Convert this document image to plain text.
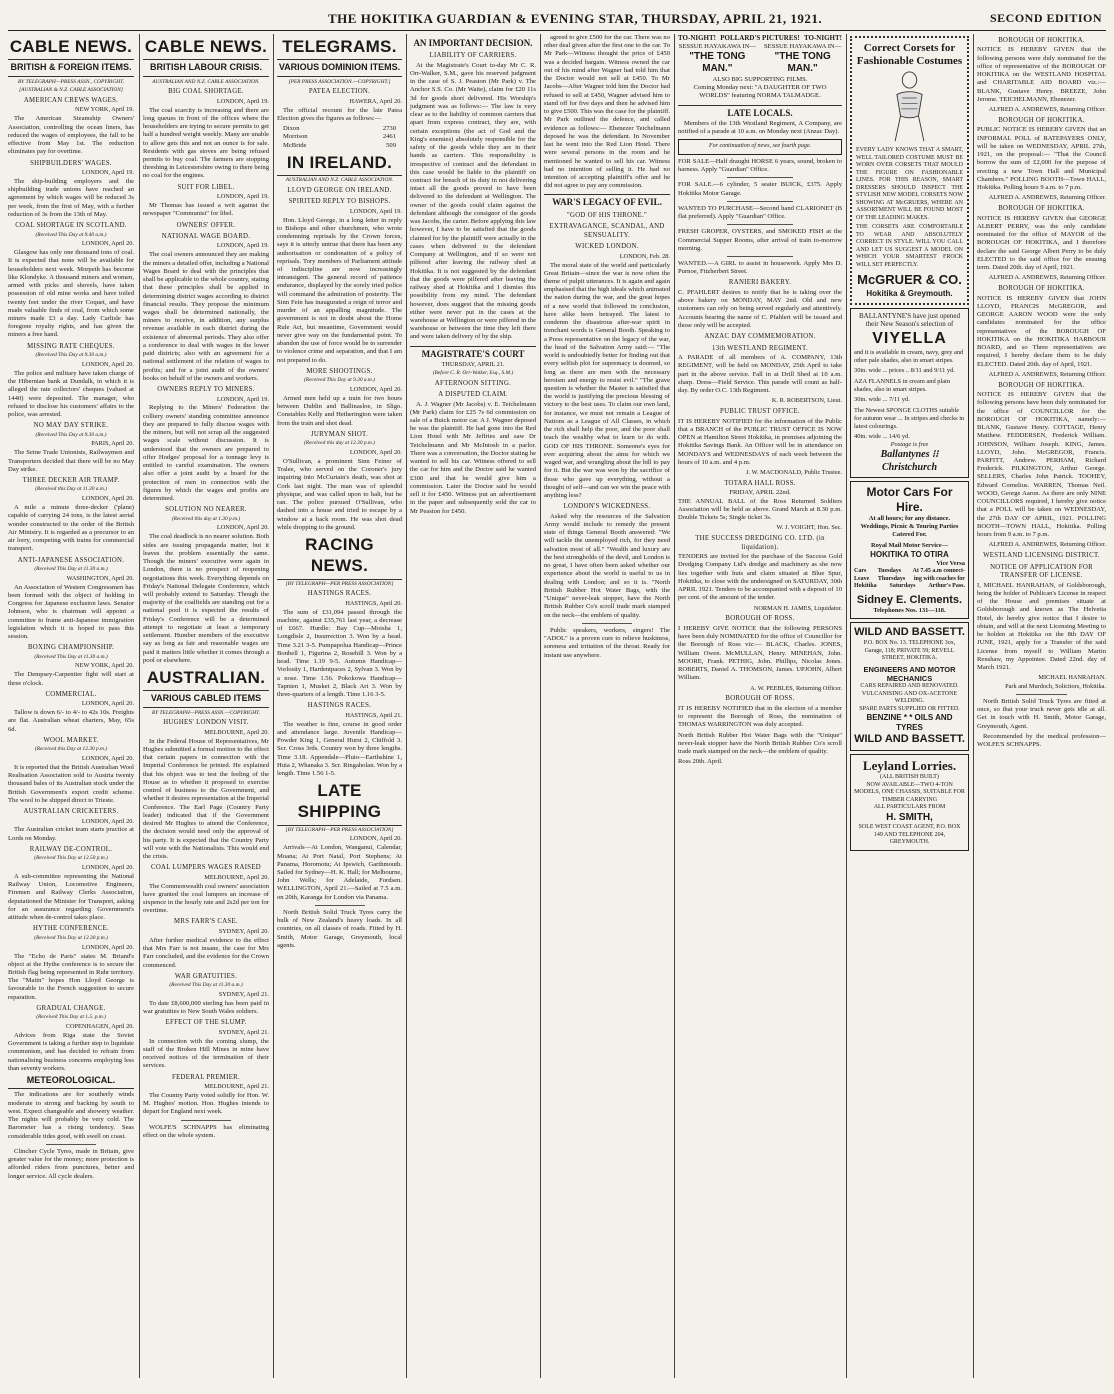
THE HOKITIKA GUARDIAN & EVENING STAR, THURSDAY, APRIL 21, 1921.	SECOND EDITION
CABLE NEWS.
BRITISH & FOREIGN ITEMS.
BY TELEGRAPH—PRESS ASSN., COPYRIGHT.
[AUSTRALIAN & N.Z. CABLE ASSOCIATION]
AMERICAN CREWS WAGES.
NEW YORK, April 19.

The American Steamship Owners' Association, controlling the ocean liners, has reduced the wages of employees, the fall to be effective from May 1st. The reduction eliminates pay for overtime.

SHIPBUILDERS' WAGES.
LONDON, April 19.

The ship-building employers and the shipbuilding trade unions have reached an agreement by which wages will be reduced 3s per week, from the first of May, with a further reduction of 3s from the 13th of May.

COAL SHORTAGE IN SCOTLAND.
(Received This Day at 9.40 a.m.)
LONDON, April 20.

Glasgow has only one thousand tons of coal. It is expected that none will be available for householders next week. Morpeth has become like Klondyke. A thousand miners and women, armed with picks and shovels, have taken possession of old mine works and have toiled twenty feet under the river Coquet, and have made valuable finds of coal, from which some miners made £3 a day. Lady Carlisle has foregone royalty rights, and has given the miners a free hand.

MISSING RATE CHEQUES.
(Received This Day at 9.30 a.m.)
LONDON, April 20.

The police and military have taken charge of the Hibernian bank at Dundalk, in which it is alleged the rate collectors' cheques (valued at 1440) were deposited. The manager, who refused to disclose his customers' affairs to the police, was arrested.

NO MAY DAY STRIKE.
(Received This Day at 9.30 a.m.)
PARIS, April 20.

The Seine Trade Unionists, Railwaymen and Transporters decided that there will be no May Day strike.

THREE DECKER AIR TRAMP.
(Received this Day at 11.30 a.m.)
LONDON, April 20.

A mile a minute three-decker ('plane) capable of carrying 24 tons, is the latest aerial wonder constructed to the order of the British Air Ministry. It is regarded as a precursor to an air lorry, competing with trains for commercial transport.

ANTI-JAPANESE ASSOCIATION.
(Received This Day at 11.30 a.m.)
WASHINGTON, April 20.

An Association of Western Congressmen has been formed with the object of holding in Congress for Japanese exclusion laws. Senator Johnson, who is chairman will appoint a committee to frame anti-Japanese immigration legislation which it is hoped to pass this session.

BOXING CHAMPIONSHIP.
(Received This Day at 11.30 a.m.)
NEW YORK, April 20.

The Dempsey-Carpentier fight will start at three o'clock.

COMMERCIAL.
LONDON, April 20.

Tallow is down 6/- to 4/- to 42s 10s. Freights are flat. Australian wheat charters, May, 65s 6d.

WOOL MARKET.
(Received this Day at 12.30 p.m.)
LONDON, April 20.

It is reported that the British Australian Wool Realisation Association sold to Austria twenty thousand bales of its Australian stock under the British Government's export credit scheme. The wool to be shipped direct to Trieste.

AUSTRALIAN CRICKETERS.
LONDON, April 20.

The Australian cricket team starts practice at Lords on Monday.

RAILWAY DE-CONTROL.
(Received This Day at 12.50 p.m.)
LONDON, April 20.

A sub-committee representing the National Railway Union, Locomotive Engineers, Firemen and Railway Clerks Association, deputationed the Minister for Transport, asking for an assurance regarding Government's attitude when de-control takes place.

HYTHE CONFERENCE.
(Received This Day at 12.30 p.m.)
LONDON, April 20.

The "Echo de Paris" states M. Briand's object at the Hythe conference is to secure the British flag being represented in Ruhr territory. The "Matin" hopes Hon Lloyd George is favourable to the French suggestion to secure reparation.

GRADUAL CHANGE.
(Received This Day at 1.5. p.m.)
COPENHAGEN, April 20.

Advices from Riga state the Soviet Government is taking a further step to liquidate communism, and has decided to refrain from nationalising business concerns employing less than seventy workers.

METEOROLOGICAL.

The indications are for southerly winds moderate to strong and backing by south to west. Expect changeable and showery weather. The nights will probably be very cold. The Barometer has a rising tendency. Seas considerable tides good, with swell on coast.

Clincher Cycle Tyres, made in Britain, give greater value for the money; more protection is afforded riders from punctures, better and longer service. All cycle dealers.

CABLE NEWS.
BRITISH LABOUR CRISIS.
AUSTRALIAN AND N.Z. CABLE ASSOCIATION.
BIG COAL SHORTAGE.
LONDON, April 19.

The coal scarcity is increasing and there are long queues in front of the offices where the householders are trying to secure permits to get half a hundred weight weekly. Many are unable to allow gets this and not an ounce is for sale. Residents with gas stoves are being refused permits to buy coal. The farmers are stopping threshing in Leicestershire owing to there being no coal for the engines.

SUIT FOR LIBEL.
LONDON, April 19.

Mr Thomas has issued a writ against the newspaper "Communist" for libel.

OWNERS' OFFER.
NATIONAL WAGE BOARD.
LONDON, April 19.

The coal owners announced they are making the miners a detailed offer, including a National Wages Board to deal with the principles that shall be applicable to the whole country, stating that these principles shall be applied in determining district wages according to district financial results. They propose the minimum wages shall be determined nationally, the miners to receive, in addition, any surplus revenue available in each district during the existence of abnormal periods. They also offer a conference to deal with wages in the lower paid districts; also with an agreement for a national settlement of the relation of wages to profits; and for a joint audit of the owners' books on behalf of the owners and workers.

OWNERS REPLY TO MINERS.
LONDON, April 19.

Replying to the Miners' Federation the colliery owners' standing committee announce they are prepared to fully discuss wages with the miners, but will not scrap all the suggested wages scale without discussion. It is understood that the owners are prepared to offer Hodges' proposal for a tonnage levy is entitled to careful examination. The owners also offer a joint audit by a board for the protection of men in connection with the figures by which the wages and profits are determined.

SOLUTION NO NEARER.
(Received this day at 1.30 p.m.)
LONDON, April 20.

The coal deadlock is no nearer solution. Both sides are issuing propaganda matter, but it leaves the problem essentially the same. Though the miners' executive were again in London, there is no prospect of reopening negotiations this week. Everything depends on Friday's National Delegate Conference, which will probably extend to Saturday. Though the majority of the coalfields are standing out for a national pool it is expected the results of Friday's Conference will be a determined attempt to negotiate at least a temporary settlement. Humber members of the executive say as long as fair and reasonable wages are paid it matters little whether it comes through a pool or elsewhere.

AUSTRALIAN.
VARIOUS CABLED ITEMS
BY TELEGRAPH—PRESS ASSN.—COPYRIGHT.
HUGHES' LONDON VISIT.
MELBOURNE, April 20.

In the Federal House of Representatives, Mr Hughes submitted a formal motion to the effect that certain papers in connection with the Imperial Conference be printed. He explained that his object was to test the feeling of the House as to whether it proposed to exercise control of business to the Government, and whether it desires representation at the Imperial Conference. The Earl Page (Country Party leader) indicated that if the Government desired Mr Hughes to attend the Conference, the decision would need only the approval of his party. It is expected that the Country Party will vote with the Nationalists. This would end the crisis.

COAL LUMPERS WAGES RAISED
MELBOURNE, April 20.

The Commonwealth coal owners' association have granted the coal lumpers an increase of sixpence in the hourly rate and 2s2d per ton for overtime.

MRS FARR'S CASE.
SYDNEY, April 20.

After further medical evidence to the effect that Mrs Farr is not insane, the case for Mrs Farr concluded, and the evidence for the Crown commenced.

WAR GRATUITIES.
(Received This Day at 11.30 a.m.)
SYDNEY, April 21.

To date £8,600,000 sterling has been paid in war gratuities to New South Wales soldiers.

EFFECT OF THE SLUMP.
SYDNEY, April 21.

In connection with the coming slump, the staff of the Broken Hill Mines in mine have received notices of the termination of their services.

FEDERAL PREMIER.
MELBOURNE, April 21.

The Country Party voted solidly for Hon. W. M. Hughes' motion. Hon. Hughes intends to depart for England next week.

WOLFE'S SCHNAPPS has eliminating effect on the whole system.

TELEGRAMS.
VARIOUS DOMINION ITEMS.
[PER PRESS ASSOCIATION.—COPYRIGHT.]
PATEA ELECTION.
HAWERA, April 20.

The official recount for the late Patea Election gives the figures as follows:—

Dixon	2730
Morrison	2461
McBride	509
IN IRELAND.
AUSTRALIAN AND N.Z. CABLE ASSOCIATION.
LLOYD GEORGE ON IRELAND.
SPIRITED REPLY TO BISHOPS.
LONDON, April 19.

Hon. Lloyd George, in a long letter in reply to Bishops and other churchmen, who wrote condemning reprisals by the Crown forces, says it is utterly untrue that there has been any authorisation or condonation of a policy of reprisals. Tory members of Parliament attitude of indiscipline are now increasingly intransigent. The general record of patience endurance, displayed by the sorely tried police will command the admiration of posterity. The Sinn Fein has inaugurated a reign of terror and murder of an appalling magnitude. The government is not in doubt about the Home Rule Act, but meantime, Government would never give way on the fundamental point. To abandon the use of force would be to surrender to violence crime and separation, and that I am not prepared to do.

MORE SHOOTINGS.
(Received This Day at 9.30 a.m.)
LONDON, April 20.

Armed men held up a train for two hours between Dublin and Ballinasloe, in Sligo. Constables Kelly and Hetherington were taken from the train and shot dead.

JURYMAN SHOT.
(Received this day at 12.30 p.m.)
LONDON, April 20.

O'Sullivan, a prominent Sinn Feiner of Tralee, who served on the Coroner's jury inquiring into McCurtain's death, was shot at Cork last night. The man was of splendid physique, and was called upon to halt, but he ran. The police pursued O'Sullivan, who dashed into a house and tried to escape by a window at a back room. He was shot dead while dropping to the ground.

RACING NEWS.
[BY TELEGRAPH—PER PRESS ASSOCIATION]
HASTINGS RACES.
HASTINGS, April 20.

The sum of £31,094 passed through the machine, against £35,761 last year, a decrease of £667. Hurdle: Bay Cup—Moisha 1, Longdisle 2, Insurrection 3. Won by a head. Time 3.21 3-5. Pumpapolua Handicap—Prince Bonbell 1, Figurina 2, Rosehill 3. Won by a head. Time 1.19 9-5. Autumn Handicap—Vorlosity 1, Hardentpaces 2, Sylvan 3. Won by a nose. Time 1.56. Pokokowa Handicap—Tapnien 1, Musket 2, Black Art 3. Won by three-quarters of a length. Time 1.16 3-5.

HASTINGS RACES.
HASTINGS, April 21.

The weather is fine, course in good order and attendance large. Juvenile Handicap—Powder King 1, General Hurst 2, Chiffold 3. Scr. Cross 3rds. Country won by three lengths. Time 3.18. Appendale—Pluto—Earthshine 1, Huia 2, Whanaka 3. Scr. Ringaholan. Won by a length. Time 1.56 1-5.

LATE SHIPPING
[BY TELEGRAPH—PER PRESS ASSOCIATION]
LONDON, April 20.

Arrivals—At London, Wanganui, Calendar, Moana; At Port Natal, Port Stephens; At Panama, Horomotu; At Ipswich, Garthmouth. Sailed for Sydney—H. K. Hall; for Melbourne, John Wells; for Adelaide, Fordsen. WELLINGTON, April 21.—Sailed at 7.5 a.m. on 20th, Karanga for London via Panama.

North British Solid Truck Tyres carry the bulk of New Zealand's heavy loads. In all countries, on all classes of roads. Fitted by H. Smith, Motor Garage, Greymouth, local agents.

AN IMPORTANT DECISION.
LIABILITY OF CARRIERS.

At the Magistrate's Court to-day Mr C. R. Orr-Walker, S.M., gave his reserved judgment in the case of S. J. Peaston (Mr Park) v. The Anchor S.S. Co. (Mr Waite), claim for £20 11s 3d for goods short delivered. His Worship's judgment was as follows:— The law is very clear as to the liability of common carriers that apart from express contract, they are, with certain exceptions (the act of God and the King's enemies) absolutely responsible for the safety of the goods while they are in their hands as carriers. This responsibility is irrespective of contract and the defendant in this case would be liable to the plaintiff on contract for breach of its duty in not delivering intact all the goods proved to have been delivered to the defendant at Wellington. The owner of the goods could claim against the defendant although the consignor of the goods was Jacobs, the carter. Before applying this law however, I have to be satisfied that the goods claimed for by the plaintiff were actually in the cases when delivered to the defendant Company at Wellington, and if so were not pilfered after leaving the railway shed at Hokitika. It is not suggested by the defendant that the goods were pilfered after leaving the railway shed at Hokitika and I dismiss this possibility from my mind. The defendant however, does suggest that the missing goods either were never put in the cases at the warehouse at Wellington or were pilfered in the warehouse or between the time they left there and were taken delivery of by the ship.

MAGISTRATE'S COURT
THURSDAY, APRIL 21.
(Before C. R. Orr-Walker, Esq., S.M.)
AFTERNOON SITTING.
A DISPUTED CLAIM.

A. J. Wagner (Mr Jacobs) v. E. Teichelmann (Mr Park) claim for £25 7s 6d commission on sale of a Buick motor car. A J. Wagner deposed he was the plaintiff. He had gone into the Red Lion Hotel with Mr Jeffries and saw Dr Teichelmann and Mr McIntosh in a parlor. There was a conversation, the Doctor stating he wanted to sell his car. Witness offered to sell the car for him and the Doctor said he wanted £300 and that he would give him a commission. Later the Doctor said he would sell it for £450. Witness put an advertisement in the paper and subsequently sold the car to Mr Peaston for £450.

agreed to give £500 for the car. There was no other deal given after the first one to the car. To Mr Park—Witness thought the price of £450 was a decided bargain. Witness owned the car out of his mind after Wagner had told him that the Doctor would not sell at £450. To Mr Jacobs—After Wagner told him the Doctor had refused to sell at £450, Wagner advised him to stand off for five days and then he advised him to give £500. This was the case for the plaintiff. Mr Park outlined the defence, and called evidence as follows:— Ebenezer Teichelmann deposed he was the defendant. In November last he went into the Red Lion Hotel. There were several persons in the room and he mentioned he wanted to sell his car. Witness had no intention of selling it. He had no intention of accepting plaintiff's offer and he did not agree to pay any commission.

WAR'S LEGACY OF EVIL.
"GOD OF HIS THRONE."
EXTRAVAGANCE, SCANDAL, AND SENSUALITY.
WICKED LONDON.
LONDON, Feb. 28.

The moral state of the world and particularly Great Britain—since the war is now often the theme of pulpit utterances. It is again and again emphasised that the high ideals which animated the nation during the war, and the great hopes of a new world that followed its conclusion, have alike been betrayed. The latest to condemn the disastrous after-war spirit in trenchant words is General Booth. Speaking to a Press representative on the legacy of the war, the head of the Salvation Army said:— "The world is undoubtedly better for finding out that every selfish plot for supremacy is doomed, so long as there are men with the necessary heroism and energy to resist evil." "The grave question is whether the Master is satisfied that the world is justifying the precious blessing of victory to the best uses. To claim our own land, for instance, we must not remain a League of Nations as a League of All Classes, in which the rich shall help the poor, and the poor shall teach the wealthy what to learn to do with. GOD OF HIS THRONE. Someone's eyes for ever acquiring about the aims for which we waged war, and wrangling about the bill to pay for it. But the war was won by the sacrifice of those who gave up everything, without a thought of self—and can we win the peace with anything less?

LONDON'S WICKEDNESS.

Asked why the resources of the Salvation Army would include to remedy the present state of things General Booth answered: "We will tackle the unemployed rich, for they need salvation most of all." "Wealth and luxury are the best strongholds of the devil, and London is no great, I have often been asked whether our experience about the world is useful to us in dealing with London; and so it is. "North British Rubber Hot Water Bags, with the "Unique" never-leak stopper, have the North British Rubber Co's scroll trade mark stamped on the neck—the emblem of quality.

Public speakers, workers, singers! The "ADOL" is a proven cure to relieve huskiness, soreness and irritation of the throat. Ready for instant use anywhere.

TO-NIGHT! POLLARD'S PICTURES! TO-NIGHT!
SESSUE HAYAKAWA IN—
"THE TONG MAN."
SESSUE HAYAKAWA IN—
"THE TONG MAN."
ALSO BIG SUPPORTING FILMS.
Coming Monday next: "A DAUGHTER OF TWO WORLDS" featuring NORMA TALMADGE.
LATE LOCALS.

Members of the 13th Westland Regiment, A Company, are notified of a parade at 10 a.m. on Monday next (Anzac Day).

For continuation of news, see fourth page.

FOR SALE—Half draught HORSE 6 years, sound, broken to harness. Apply "Guardian" Office.

FOR SALE.—6 cylinder, 5 seater BUICK, £375. Apply Hokitika Motor Garage.

WANTED TO PURCHASE—Second hand CLARIONET (B flat preferred). Apply "Guardian" Office.

FRESH GROPER, OYSTERS, and SMOKED FISH at the Commercial Supper Rooms, after arrival of train to-morrow morning.

WANTED.—A GIRL to assist in housework. Apply Mrs D. Purnoe, Fitzherbert Street.

RANIERI BAKERY.

C. PFAHLERT desires to notify that he is taking over the above bakery on MONDAY, MAY 2nd. Old and new customers can rely on being served regularly and attentively. Accounts bearing the name of C. Pfahlert will be issued and those only will be accepted.

ANZAC DAY COMMEMORATION.
13th WESTLAND REGIMENT.

A PARADE of all members of A. COMPANY, 13th REGIMENT, will be held on MONDAY, 25th April to take part in the above service. Fall in at Drill Shed at 10 a.m. sharp. Dress—Field Service. This parade will count as half-day. By order O.C. 13th Regiment.

K. R. ROBERTSON, Lieut.
PUBLIC TRUST OFFICE.

IT IS HEREBY NOTIFIED for the information of the Public that a BRANCH of the PUBLIC TRUST OFFICE IS NOW OPEN at Hamilton Street Hokitika, in premises adjoining the Hokitika Savings Bank. An Officer will be in attendance on MONDAYS and WEDNESDAYS of each week between the hours of 10 a.m. and 4 p.m.

J. W. MACDONALD, Public Trustee.
TOTARA HALL ROSS.
FRIDAY, APRIL 22nd.

THE ANNUAL BALL of the Ross Returned Soldiers Association will be held as above. Grand March at 8.30 p.m. Double Tickets 5s; Single ticket 3s.

W. J. VOIGHT, Hon. Sec.
THE SUCCESS DREDGING CO. LTD. (in liquidation).

TENDERS are invited for the purchase of the Success Gold Dredging Company Ltd's dredge and machinery as she now lies together with huts and claim situated at Blue Spur, Hokitika, to close with the undersigned on SATURDAY, 30th APRIL 1921. Tenders to be accompanied with a deposit of 10 per cent. of the amount of the tender.

NORMAN H. JAMES, Liquidator.
BOROUGH OF ROSS.

I HEREBY GIVE NOTICE that the following PERSONS have been duly NOMINATED for the office of Councillor for the Borough of Ross viz:— BLACK, Charles. JONES, William Owen. McMULLAN, Henry. MINEHAN, John. MOORE, Frank. PETHIG, John. Phillips, Nicolas Jones. ROBERTS, Daniel A. THOMSON, James. UPJOHN, Albert William.

A. W. PEEBLES, Returning Officer.
BOROUGH OF ROSS.

IT IS HEREBY NOTIFIED that in the election of a member to represent the Borough of Ross, the nomination of THOMAS WARRINGTON was duly accepted.

North British Rubber Hot Water Bags with the "Unique" never-leak stopper have the North British Rubber Co's scroll trade mark stamped on the neck—the emblem of quality.

Ross 20th. April.
Correct Corsets for Fashionable Costumes

EVERY LADY KNOWS THAT A SMART, WELL TAILORED COSTUME MUST BE WORN OVER CORSETS THAT MOULD THE FIGURE ON FASHIONABLE LINES. FOR THIS REASON, SMART DRESSERS SHOULD INSPECT THE STYLISH NEW MODEL CORSETS NOW SHOWING AT McGRUERS, WHERE AN ASSORTMENT WILL BE FOUND MOST OF THE LEADING MAKES.

THE CORSETS ARE COMFORTABLE TO WEAR AND ABSOLUTELY CORRECT IN STYLE. WILL YOU CALL AND LET US SUGGEST A MODEL ON WHICH YOUR SMARTEST FROCK WILL SET PERFECTLY.

McGRUER & CO.
Hokitika & Greymouth.
BALLANTYNE'S have just opened their New Season's selection of
VIYELLA

and it is available in cream, navy, grey and other pale shades, also in smart stripes.

30in. wide ... prices .. 8/11 and 9/11 yd.

AZA FLANNELS in cream and plain shades, also in smart stripes.

30in. wide ... 7/11 yd.

The Newest SPONGE CLOTHS suitable for autumn wear ... In stripes and checks in latest colourings.

40in. wide ... 14/6 yd.
Postage is free
Ballantynes ⁝⁝ Christchurch
Motor Cars For Hire.
At all hours; for any distance.
Weddings, Picnic & Touring Parties Catered For.
Royal Mail Motor Service—
HOKITIKA TO OTIRA
Vice Versa
Cars Tuesdays At 7.45 a.m connect-
Leave Thursdays ing with coaches for
Hokitika Saturdays Arthur's Pass.
Sidney E. Clements.
Telephones Nos. 131—118.
WILD AND BASSETT.
P.O. BOX No. 13. TELEPHONE 3ox, Garage, 118; PRIVATE 59; REVELL STREET, HOKITIKA.
ENGINEERS AND MOTOR MECHANICS
CARS REPAIRED AND RENOVATED.
VULCANISING AND OX-ACETONE WELDING.
SPARE PARTS SUPPLIED OR FITTED.
BENZINE * * OILS AND TYRES
WILD AND BASSETT.
Leyland Lorries.
(ALL BRITISH BUILT)
NOW AVAILABLE—TWO 4-TON MODELS, ONE CHASSIS, SUITABLE FOR TIMBER CARRYING
ALL PARTICULARS FROM
H. SMITH,
SOLE WEST COAST AGENT, P.O. BOX 149 AND TELEPHONE 204, GREYMOUTH.
BOROUGH OF HOKITIKA.

NOTICE IS HEREBY GIVEN that the following persons were duly nominated for the office of representative of the BOROUGH OF HOKITIKA on the WESTLAND HOSPITAL and CHARITABLE AID BOARD viz.:— BLANK, Gustave Henry. BREEZE, John Jerome. TEICHELMANN, Ebenezer.

ALFRED A. ANDREWES, Returning Officer.
BOROUGH OF HOKITIKA.

PUBLIC NOTICE IS HEREBY GIVEN that an INFORMAL POLL of RATEPAYERS ONLY, will be taken on WEDNESDAY, APRIL 27th, 1921, on the proposal:— "That the Council borrow the sum of £2,000 for the purpose of erecting a new Town Hall and Municipal Chambers." POLLING BOOTH—Town HALL, Hokitika. Polling hours 9 a.m. to 7 p.m.

ALFRED A. ANDREWES, Returning Officer.
BOROUGH OF HOKITIKA.

NOTICE IS HEREBY GIVEN that GEORGE ALBERT PERRY, was the only candidate nominated for the office of MAYOR of the BOROUGH OF HOKITIKA, and I therefore declare the said George Albert Perry to be duly ELECTED to the said office for the ensuing term. Dated 20th. day of April, 1921.

ALFRED A. ANDREWES, Returning Officer.
BOROUGH OF HOKITIKA.

NOTICE IS HEREBY GIVEN that JOHN LLOYD, FRANCIS McGREGOR, and GEORGE AARON WOOD were the only candidates nominated for the office representatives of the BOROUGH OF HOKITIKA on the HOKITIKA HARBOUR BOARD, and so Three representatives are required, I hereby declare them to be duly ELECTED. Dated 20th. day of April, 1921.

ALFRED A. ANDREWES, Returning Officer.
BOROUGH OF HOKITIKA.

NOTICE IS HEREBY GIVEN that the following persons have been duly nominated for the office of COUNCILLOR for the BOROUGH OF HOKITIKA, namely:— BLANK, Gustave Henry. COTTAGE, Henry Matthew. FEDDERSEN, Frederick William. JOHNSON, William Joseph. KING, James. LLOYD, John. McGREGOR, Francis. PARFITT, Andrew. PERHAM, Richard Frederick. PILKINGTON, Arthur George. SELLERS, Charles John Patrick. TOOHEY, Edward Cornelius. WARREN, Thomas Neil. WOOD, George Aaron. As there are only NINE COUNCILLORS required, I hereby give notice that a POLL will be taken on WEDNESDAY, the 27th DAY OF APRIL, 1921. POLLING BOOTH—TOWN HALL, Hokitika. Polling hours from 9 a.m. to 7 p.m.

ALFRED A. ANDREWES, Returning Officer.
WESTLAND LICENSING DISTRICT.
NOTICE OF APPLICATION FOR TRANSFER OF LICENSE.

I, MICHAEL HANRAHAN, of Goldsborough, being the holder of Publican's License in respect of the House and premises situate at Goldsborough and known as The Helvetia Hotel, do hereby give notice that I desire to obtain, and will at the next Licensing Meeting to be holden at Hokitika on the 8th DAY OF JUNE, 1921, apply for a Transfer of the said License from myself to William Martin Renshaw, my Appointee. Dated 22nd. day of March 1921.

MICHAEL HANRAHAN.
Park and Murdoch, Solicitors, Hokitika.

North British Solid Truck Tyres are fitted at once, so that your truck never gets idle at all. Get in touch with H. Smith, Motor Garage, Greymouth, Agent.

Recommended by the medical profession—WOLFE'S SCHNAPPS.
